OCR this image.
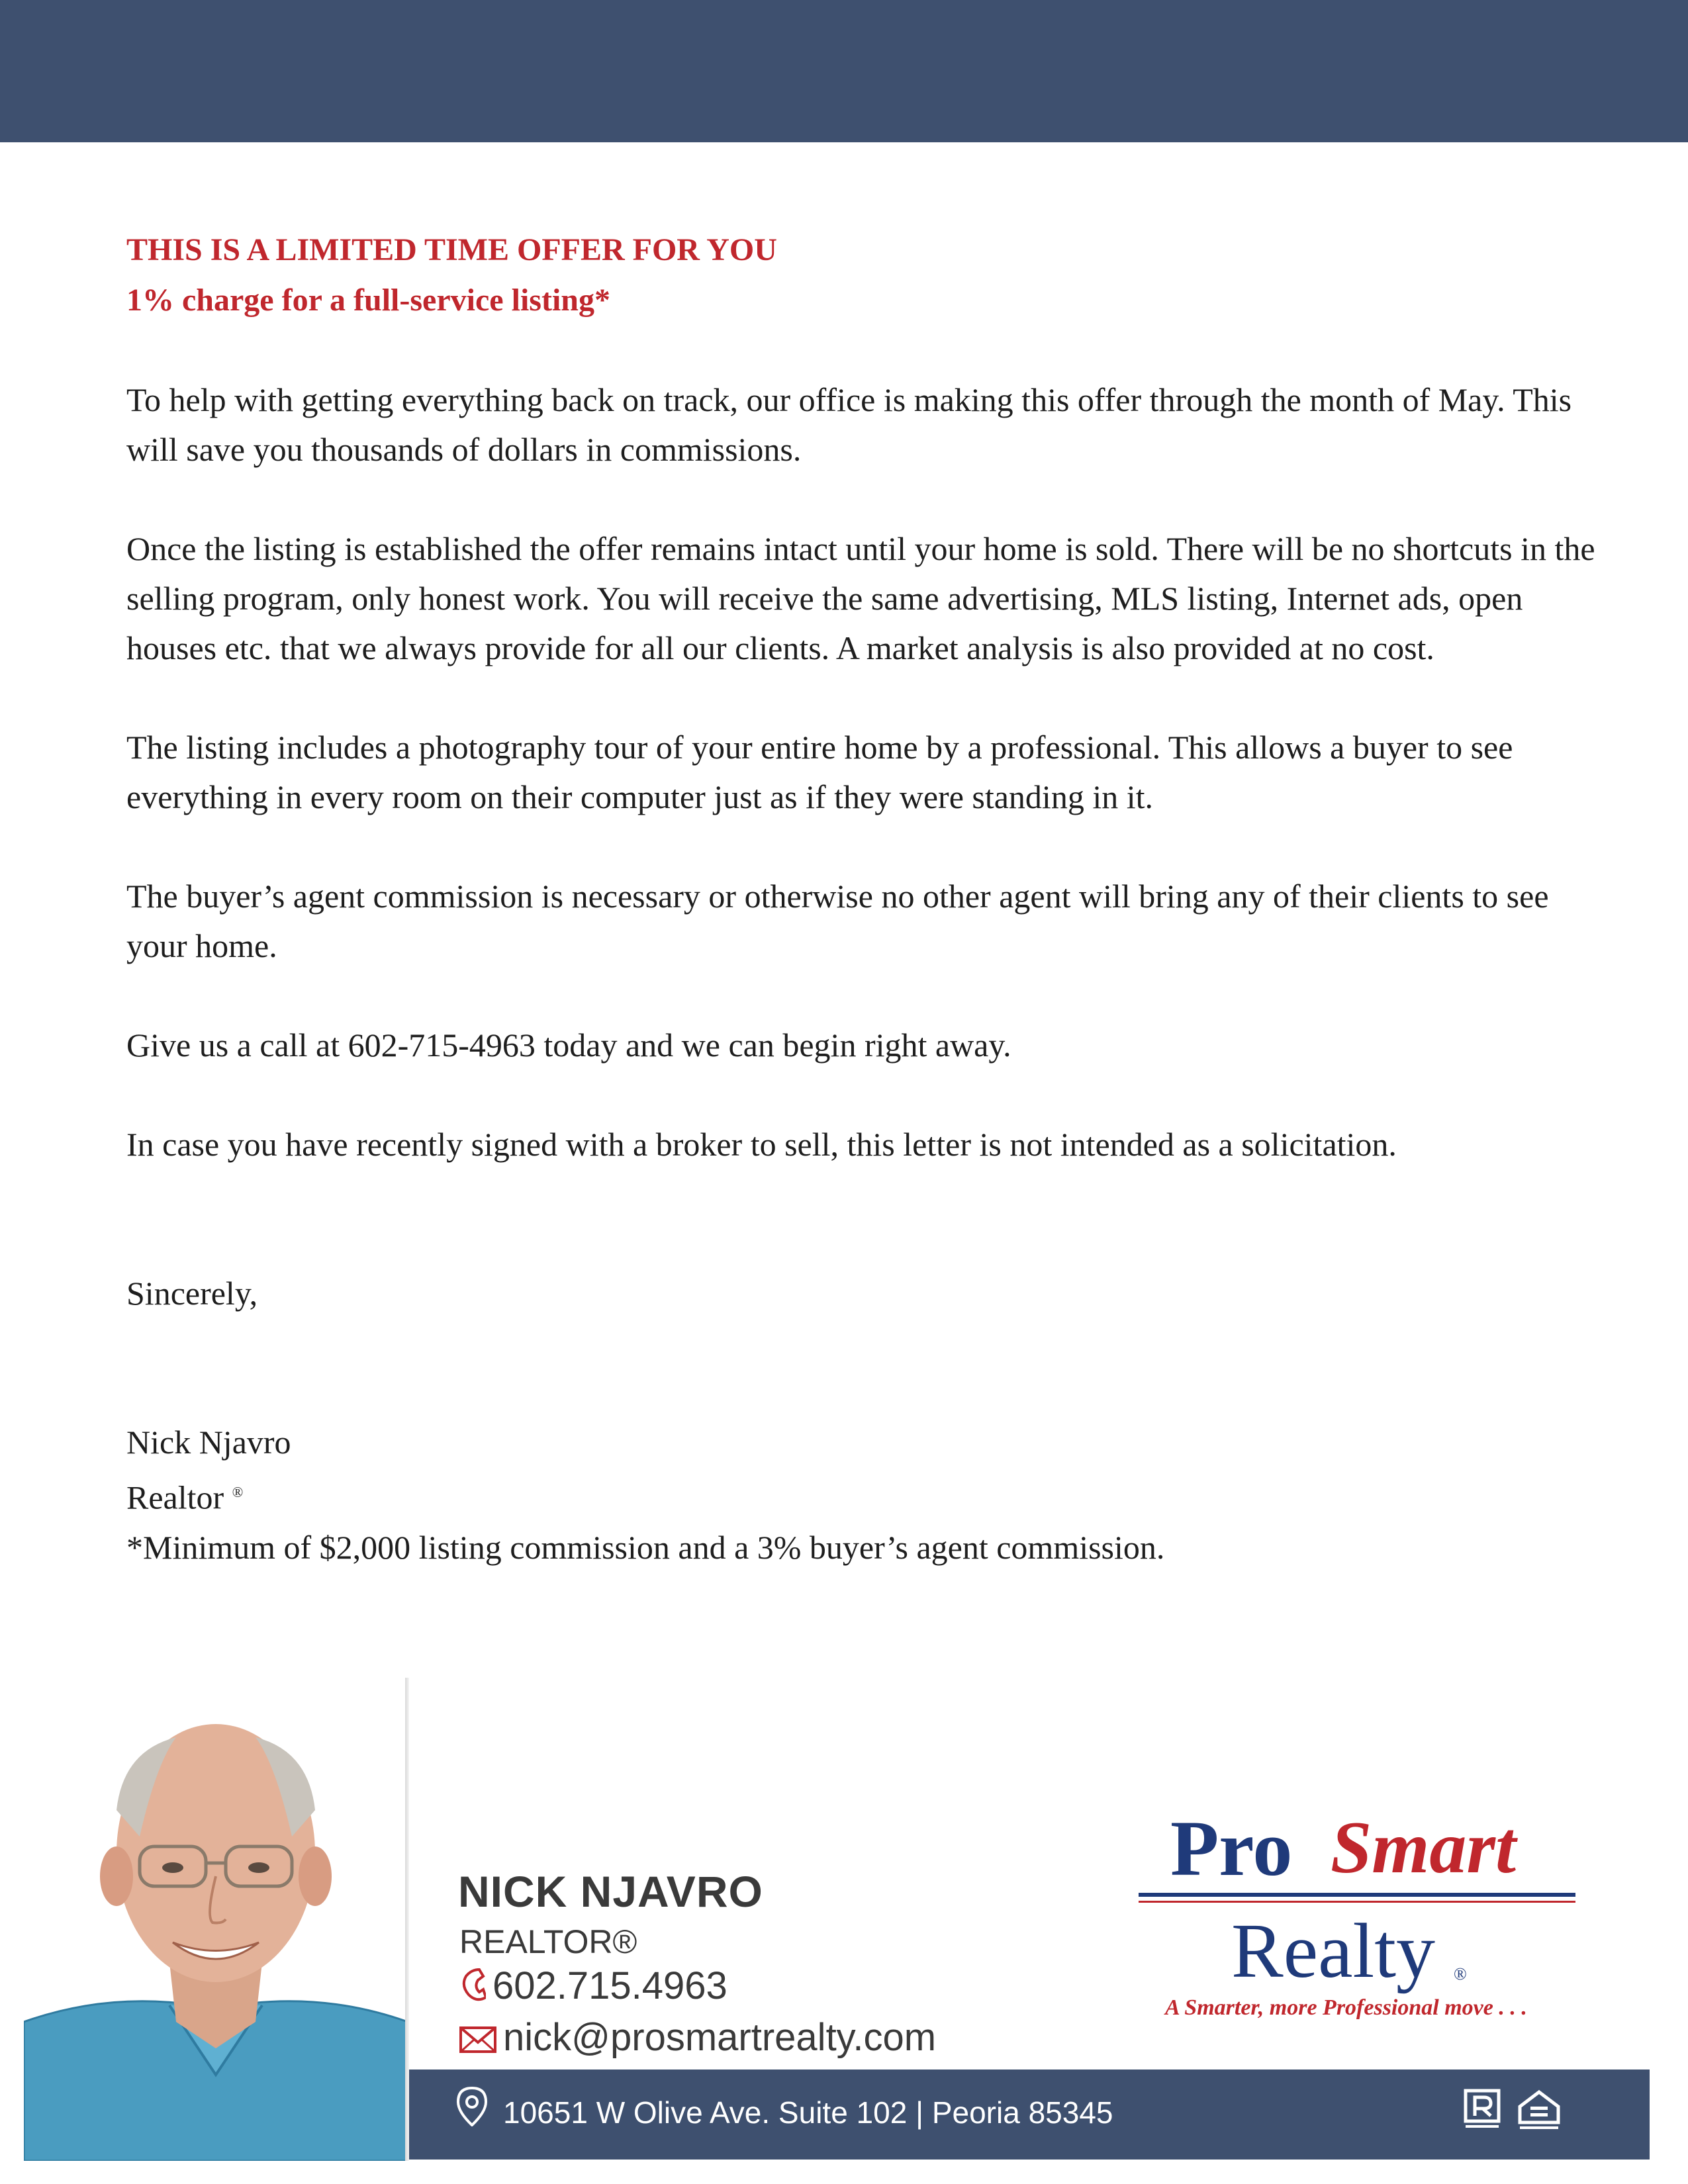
THIS IS A LIMITED TIME OFFER FOR YOU

1% charge for a full-service listing*

To help with getting everything back on track, our office is making this offer through the month of May. This will save you thousands of dollars in commissions.

Once the listing is established the offer remains intact until your home is sold. There will be no shortcuts in the selling program, only honest work. You will receive the same advertising, MLS listing, Internet ads, open houses etc. that we always provide for all our clients. A market analysis is also provided at no cost.

The listing includes a photography tour of your entire home by a professional. This allows a buyer to see everything in every room on their computer just as if they were standing in it.

The buyer’s agent commission is necessary or otherwise no other agent will bring any of their clients to see your home.

Give us a call at 602-715-4963 today and we can begin right away.

In case you have recently signed with a broker to sell, this letter is not intended as a solicitation.

Sincerely,

Nick Njavro

Realtor ®

*Minimum of $2,000 listing commission and a 3% buyer’s agent commission.

NICK NJAVRO

REALTOR®

602.715.4963

nick@prosmartrealty.com

Pro Smart
Realty ®
A Smarter, more Professional move . . .

10651 W Olive Ave. Suite 102 | Peoria 85345
